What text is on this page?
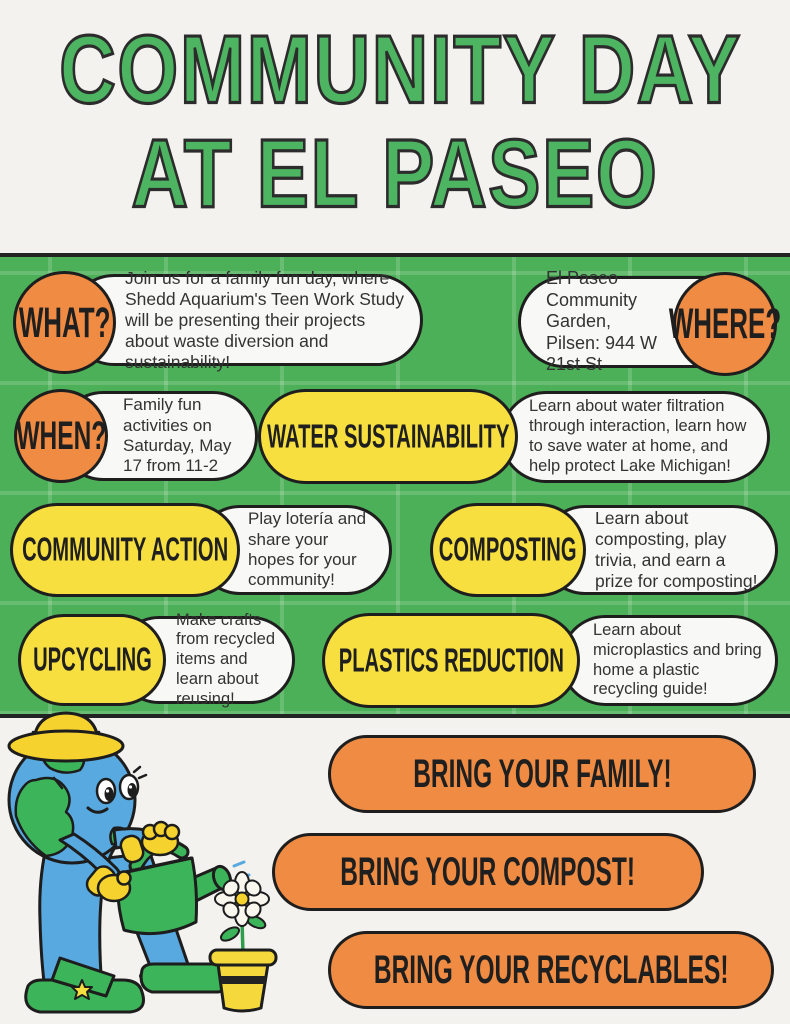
COMMUNITY DAY
AT EL PASEO
Join us for a family fun day, where Shedd Aquarium's Teen Work Study will be presenting their projects about waste diversion and sustainability!
WHAT?
El Paseo Community Garden, Pilsen: 944 W 21st St
WHERE?
Family fun activities on Saturday, May 17 from 11-2
WHEN?
Learn about water filtration through interaction, learn how to save water at home, and help protect Lake Michigan!
WATER SUSTAINABILITY
Play lotería and share your hopes for your community!
COMMUNITY ACTION
Learn about composting, play trivia, and earn a prize for composting!
COMPOSTING
Make crafts from recycled items and learn about reusing!
UPCYCLING
Learn about microplastics and bring home a plastic recycling guide!
PLASTICS REDUCTION
BRING YOUR FAMILY!
BRING YOUR COMPOST!
BRING YOUR RECYCLABLES!
